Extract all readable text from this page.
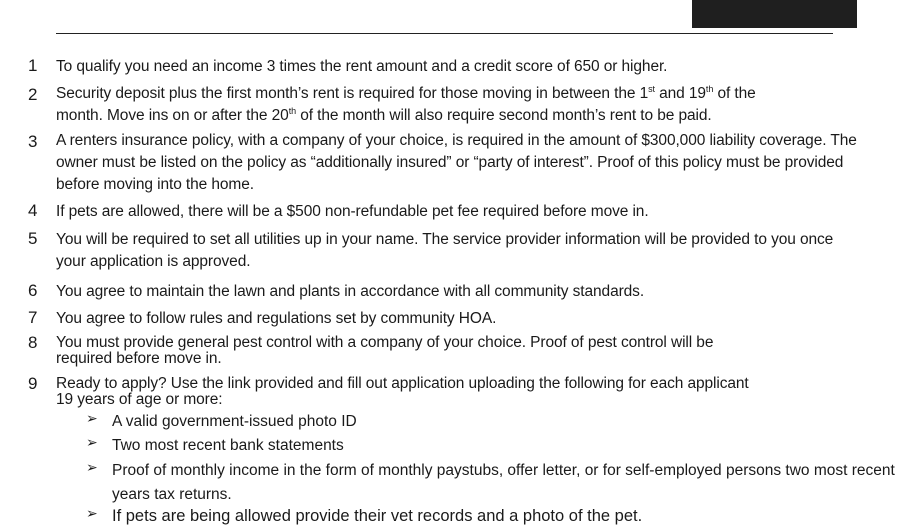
1 To qualify you need an income 3 times the rent amount and a credit score of 650 or higher.
2 Security deposit plus the first month’s rent is required for those moving in between the 1st and 19th of the
month. Move ins on or after the 20th of the month will also require second month’s rent to be paid.
3 A renters insurance policy, with a company of your choice, is required in the amount of $300,000 liability coverage. The owner must be listed on the policy as “additionally insured” or “party of interest”. Proof of this policy must be provided before moving into the home.
4 If pets are allowed, there will be a $500 non-refundable pet fee required before move in.
5 You will be required to set all utilities up in your name. The service provider information will be provided to you once your application is approved.
6 You agree to maintain the lawn and plants in accordance with all community standards.
7 You agree to follow rules and regulations set by community HOA.
8 You must provide general pest control with a company of your choice. Proof of pest control will be required before move in.
9 Ready to apply? Use the link provided and fill out application uploading the following for each applicant 19 years of age or more:
➢ A valid government-issued photo ID
➢ Two most recent bank statements
➢ Proof of monthly income in the form of monthly paystubs, offer letter, or for self-employed persons two most recent years tax returns.
➢ If pets are being allowed provide their vet records and a photo of the pet.
